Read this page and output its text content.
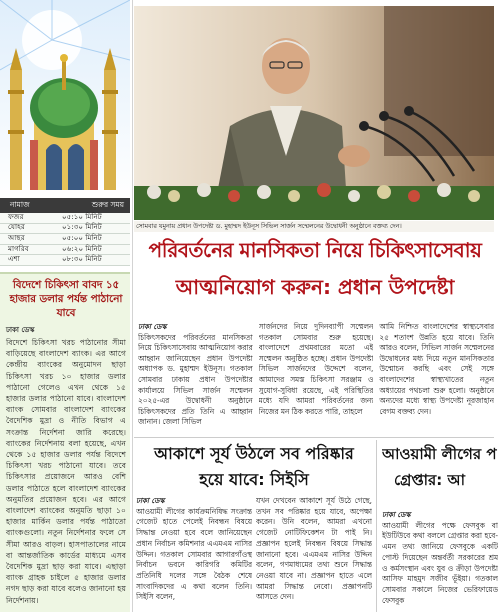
নামাজ	শুরুর সময়
ফজর	০৫:১০ মিনিট
যোহর	০১:৩০ মিনিট
আছর	০৫:০০ মিনিট
মাগরিব	০৬:২০ মিনিট
এশা	০৮:৩০ মিনিট
বিদেশে চিকিৎসা বাবদ ১৫ হাজার ডলার পর্যন্ত পাঠানো যাবে
ঢাকা ডেস্ক
বিদেশে চিকিৎসা খরচ পাঠানোর সীমা বাড়িয়েছে বাংলাদেশ ব্যাংক। এর আগে কেন্দ্রীয় ব্যাংকের অনুমোদন ছাড়া চিকিৎসা খরচ ১০ হাজার ডলার পাঠানো গেলেও এখন থেকে ১৫ হাজার ডলার পাঠানো যাবে। বাংলাদেশ ব্যাংক সোমবার বাংলাদেশ ব্যাংকের বৈদেশিক মুদ্রা ও নীতি বিভাগ এ সংক্রান্ত নির্দেশনা জারি করেছে। ব্যাংকের নির্দেশনায় বলা হয়েছে, এখন থেকে ১৫ হাজার ডলার পর্যন্ত বিদেশে চিকিৎসা খরচ পাঠানো যাবে। তবে চিকিৎসার প্রয়োজনে আরও বেশি ডলার পাঠাতে হলে বাংলাদেশ ব্যাংকের অনুমতির প্রয়োজন হবে। এর আগে বাংলাদেশ ব্যাংকের অনুমতি ছাড়া ১০ হাজার মার্কিন ডলার পর্যন্ত পাঠাতো ব্যাংকগুলো। নতুন নির্দেশনার ফলে সে সীমা আরও বাড়ল। হাসপাতালের নামে বা আন্তর্জাতিক কার্ডের মাধ্যমে এসব বৈদেশিক মুদ্রা ছাড় করা যাবে। এছাড়া ব্যাংক গ্রাহক চাইলে ৫ হাজার ডলার নগদ ছাড় করা যাবে বলেও জানানো হয় নির্দেশনায়।
সোমবার যমুনায় প্রধান উপদেষ্টা ড. মুহাম্মদ ইউনূস সিভিল সার্জন সম্মেলনের উদ্বোধনী অনুষ্ঠানে বক্তব্য দেন।
পরিবর্তনের মানসিকতা নিয়ে চিকিৎসাসেবায়
আত্মনিয়োগ করুন: প্রধান উপদেষ্টা
ঢাকা ডেস্ক
চিকিৎসকদের পরিবর্তনের মানসিকতা নিয়ে চিকিৎসাসেবায় আত্মনিয়োগ করার আহ্বান জানিয়েছেন প্রধান উপদেষ্টা অধ্যাপক ড. মুহাম্মদ ইউনূস। গতকাল সোমবার ঢাকায় প্রধান উপদেষ্টার কার্যালয়ে সিভিল সার্জন সম্মেলন ২০২৫-এর উদ্বোধনী অনুষ্ঠানে চিকিৎসকদের প্রতি তিনি এ আহ্বান জানান। জেলা সিভিল
সার্জনদের নিয়ে দুদিনব্যাপী সম্মেলন গতকাল সোমবার শুরু হয়েছে। বাংলাদেশে প্রথমবারের মতো এই সম্মেলন অনুষ্ঠিত হচ্ছে। প্রধান উপদেষ্টা সিভিল সার্জনদের উদ্দেশে বলেন, আমাদের সমস্ত চিকিৎসা সরঞ্জাম ও সুযোগ-সুবিধা রয়েছে, এই পরিস্থিতির মধ্যে যদি আমরা পরিবর্তনের জন্য নিজের মন ঠিক করতে পারি, তাহলে
আমি নিশ্চিত বাংলাদেশের স্বাস্থ্যসেবার ২৫ শতাংশ উন্নতি হয়ে যাবে। তিনি আরও বলেন, সিভিল সার্জন সম্মেলনের উদ্বোধনের মধ্য দিয়ে নতুন মানসিকতার উন্মোচন করছি এবং সেই সঙ্গে বাংলাদেশের স্বাস্থ্যখাতের নতুন অধ্যায়ের পথচলা শুরু হলো। অনুষ্ঠানে অন্যদের মধ্যে স্বাস্থ্য উপদেষ্টা নূরজাহান বেগম বক্তব্য দেন।
আকাশে সূর্য উঠলে সব পরিষ্কার
হয়ে যাবে: সিইসি
ঢাকা ডেস্ক
আওয়ামী লীগের কার্যক্রমনিষিদ্ধ সংক্রান্ত গেজেট হাতে পেলেই নিবন্ধন বিষয়ে সিদ্ধান্ত নেওয়া হবে বলে জানিয়েছেন প্রধান নির্বাচন কমিশনার এএমএম নাসির উদ্দিন। গতকাল সোমবার আগারগাঁওস্থ নির্বাচন ভবনে কারিগরি কমিটির প্রতিনিধি দলের সঙ্গে বৈঠক শেষে সাংবাদিকদের এ কথা বলেন তিনি। সিইসি বলেন,
যখন দেখবেন আকাশে সূর্য উঠে গেছে, তখন সব পরিষ্কার হয়ে যাবে, অপেক্ষা করেন। উনি বলেন, আমরা এখনো গেজেট নোটিফিকেশন টা পাই নি। প্রজ্ঞাপন হলেই নিবন্ধন বিষয়ে সিদ্ধান্ত জানানো হবে। এএমএম নাসির উদ্দিন বলেন, গণমাধ্যমের তথ্য শুনে সিদ্ধান্ত নেওয়া যাবে না। প্রজ্ঞাপন হাতে এলে আমরা সিদ্ধান্ত নেবো। প্রজ্ঞাপনটি আসতে দেন।
আওয়ামী লীগের প
গ্রেপ্তার: আ
ঢাকা ডেস্ক
আওয়ামী লীগের পক্ষে ফেসবুক বা ইউটিউবে কথা বললে গ্রেপ্তার করা হবে-এমন তথ্য জানিয়ে ফেসবুকে একটি পোস্ট দিয়েছেন অন্তর্বর্তী সরকারের শ্রম ও কর্মসংস্থান এবং যুব ও ক্রীড়া উপদেষ্টা আসিফ মাহমুদ সজীব ভূঁইয়া। গতকাল সোমবার সকালে নিজের ভেরিফায়েড ফেসবুক
